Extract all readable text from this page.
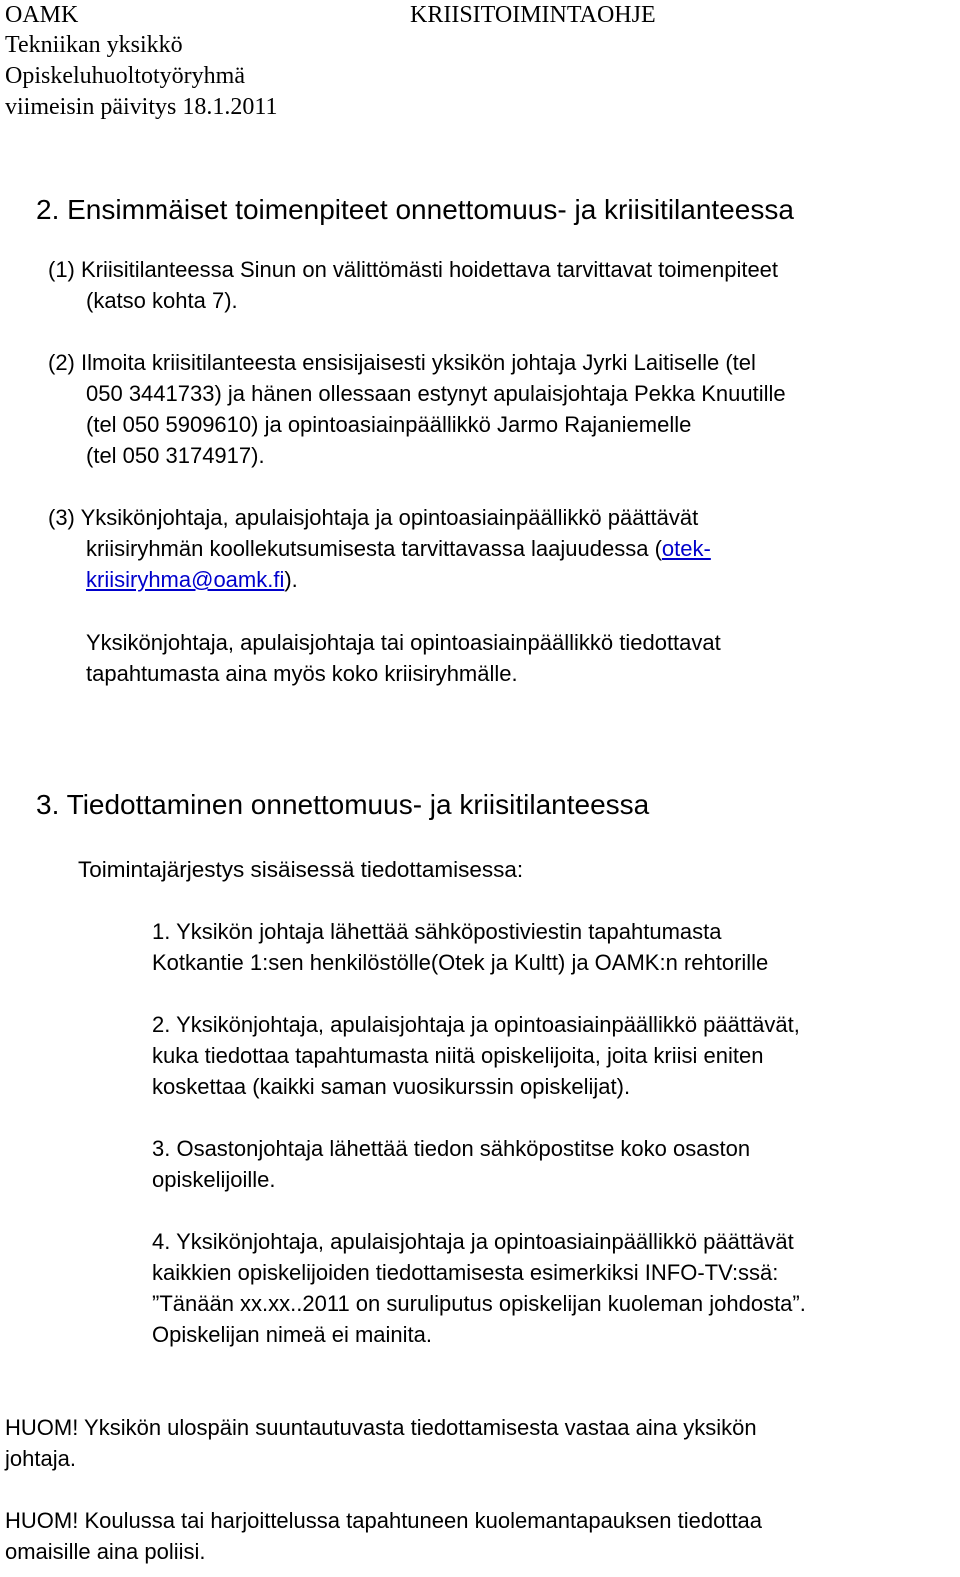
OAMK	KRIISITOIMINTAOHJE
Tekniikan yksikkö
Opiskeluhuoltotyöryhmä
viimeisin päivitys 18.1.2011
2. Ensimmäiset toimenpiteet onnettomuus- ja kriisitilanteessa
(1) Kriisitilanteessa Sinun on välittömästi hoidettava tarvittavat toimenpiteet
(katso kohta 7).
(2) Ilmoita kriisitilanteesta ensisijaisesti yksikön johtaja Jyrki Laitiselle (tel
050 3441733) ja hänen ollessaan estynyt apulaisjohtaja Pekka Knuutille
(tel 050 5909610) ja opintoasiainpäällikkö Jarmo Rajaniemelle
(tel 050 3174917).
(3) Yksikönjohtaja, apulaisjohtaja ja opintoasiainpäällikkö päättävät
kriisiryhmän koollekutsumisesta tarvittavassa laajuudessa (otek-
kriisiryhma@oamk.fi).
Yksikönjohtaja, apulaisjohtaja tai opintoasiainpäällikkö tiedottavat
tapahtumasta aina myös koko kriisiryhmälle.
3. Tiedottaminen onnettomuus- ja kriisitilanteessa
Toimintajärjestys sisäisessä tiedottamisessa:
1. Yksikön johtaja lähettää sähköpostiviestin tapahtumasta
Kotkantie 1:sen henkilöstölle(Otek ja Kultt) ja OAMK:n rehtorille
2. Yksikönjohtaja, apulaisjohtaja ja opintoasiainpäällikkö päättävät,
kuka tiedottaa tapahtumasta niitä opiskelijoita, joita kriisi eniten
koskettaa (kaikki saman vuosikurssin opiskelijat).
3. Osastonjohtaja lähettää tiedon sähköpostitse koko osaston
opiskelijoille.
4. Yksikönjohtaja, apulaisjohtaja ja opintoasiainpäällikkö päättävät
kaikkien opiskelijoiden tiedottamisesta esimerkiksi INFO-TV:ssä:
”Tänään xx.xx..2011 on suruliputus opiskelijan kuoleman johdosta”.
Opiskelijan nimeä ei mainita.
HUOM! Yksikön ulospäin suuntautuvasta tiedottamisesta vastaa aina yksikön
johtaja.
HUOM! Koulussa tai harjoittelussa tapahtuneen kuolemantapauksen tiedottaa
omaisille aina poliisi.
